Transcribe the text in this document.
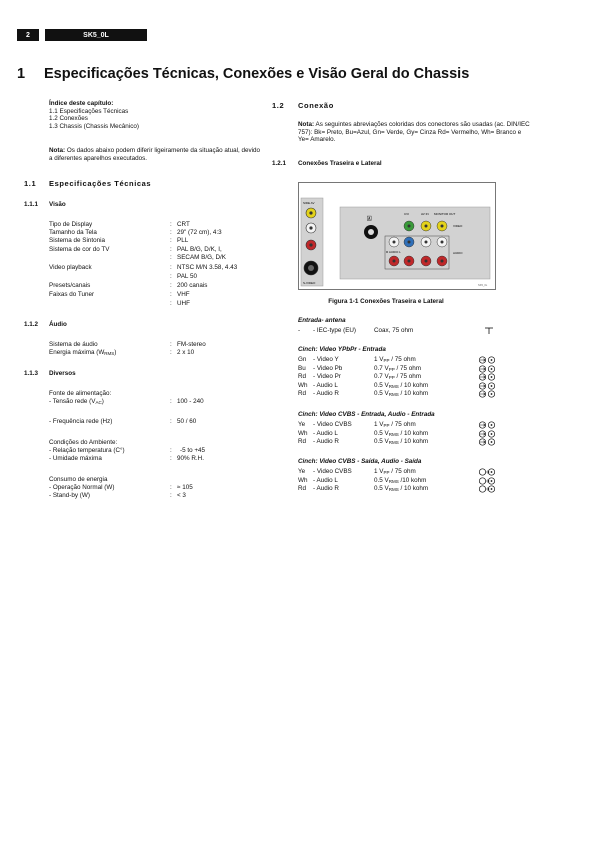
2	SK5_0L
1 Especificações Técnicas, Conexões e Visão Geral do Chassis
Índice deste capítulo:
1.1 Especificações Técnicas
1.2 Conexões
1.3 Chassis (Chassis Mecânico)
Nota: Os dados abaixo podem diferir ligeiramente da situação atual, devido a diferentes aparelhos executados.
1.1 Especificações Técnicas
1.1.1 Visão
Tipo de Display	: CRT
Tamanho da Tela	: 29" (72 cm), 4:3
Sistema de Sintonia	: PLL
Sistema de cor do TV	: PAL B/G, D/K, I,
: SECAM B/G, D/K
Video playback	: NTSC M/N 3.58, 4.43
: PAL 50
Presets/canais	: 200 canais
Faixas do Tuner	: VHF
: UHF
1.1.2 Áudio
Sistema de áudio	: FM-stereo
Energia máxima $(W_{RMS})$	: 2 x 10
1.1.3 Diversos
Fonte de alimentação:
- Tensão rede $(V_{AC})$	: 100 - 240
- Frequência rede (Hz)	: 50 / 60
Condições do Ambiente:
- Relação temperatura (C°)	: -5 to +45
- Umidade máxima	: 90% R.H.
Consumo de energia
- Operação Normal (W)	: ≈ 105
- Stand-by (W)	: < 3
1.2 Conexão
Nota: As seguintes abreviações coloridas dos conectores são usadas (ac. DIN/IEC 757): Bk= Preto, Bu=Azul, Gn= Verde, Gy= Cinza Rd= Vermelho, Wh= Branco e Ye= Amarelo.
1.2.1 Conexões Traseira e Lateral
SIDE AV
S-VIDEO
🄰
CVI	AV IN MONITOR OUT
VIDEO
AUDIO
R AUDIO L
SK5_0L
Figura 1-1 Conexões Traseira e Lateral
Entrada- antena
- - IEC-type (EU)	Coax, 75 ohm
Cinch: Video YPbPr - Entrada
Gn - Video Y	1 $V_{PP} / 75$ ohm
Bu - Video Pb	0.7 $V_{PP} / 75$ ohm
Rd - Video Pr	0.7 $V_{PP} / 75$ ohm
Wh - Audio L	0.5 $V_{RMS} / 10$ kohm
Rd - Audio R	0.5 $V_{RMS} / 10$ kohm
Cinch: Video CVBS - Entrada, Audio - Entrada
Ye - Video CVBS	1 $V_{PP} / 75$ ohm
Wh - Audio L	0.5 $V_{RMS} / 10$ kohm
Rd - Audio R	0.5 $V_{RMS} / 10$ kohm
Cinch: Video CVBS - Saída, Audio - Saída
Ye - Video CVBS	1 $V_{PP} / 75$ ohm
Wh - Audio L	0.5 $V_{RMS}$ /10 kohm
Rd - Audio R	0.5 $V_{RMS} / 10$ kohm
